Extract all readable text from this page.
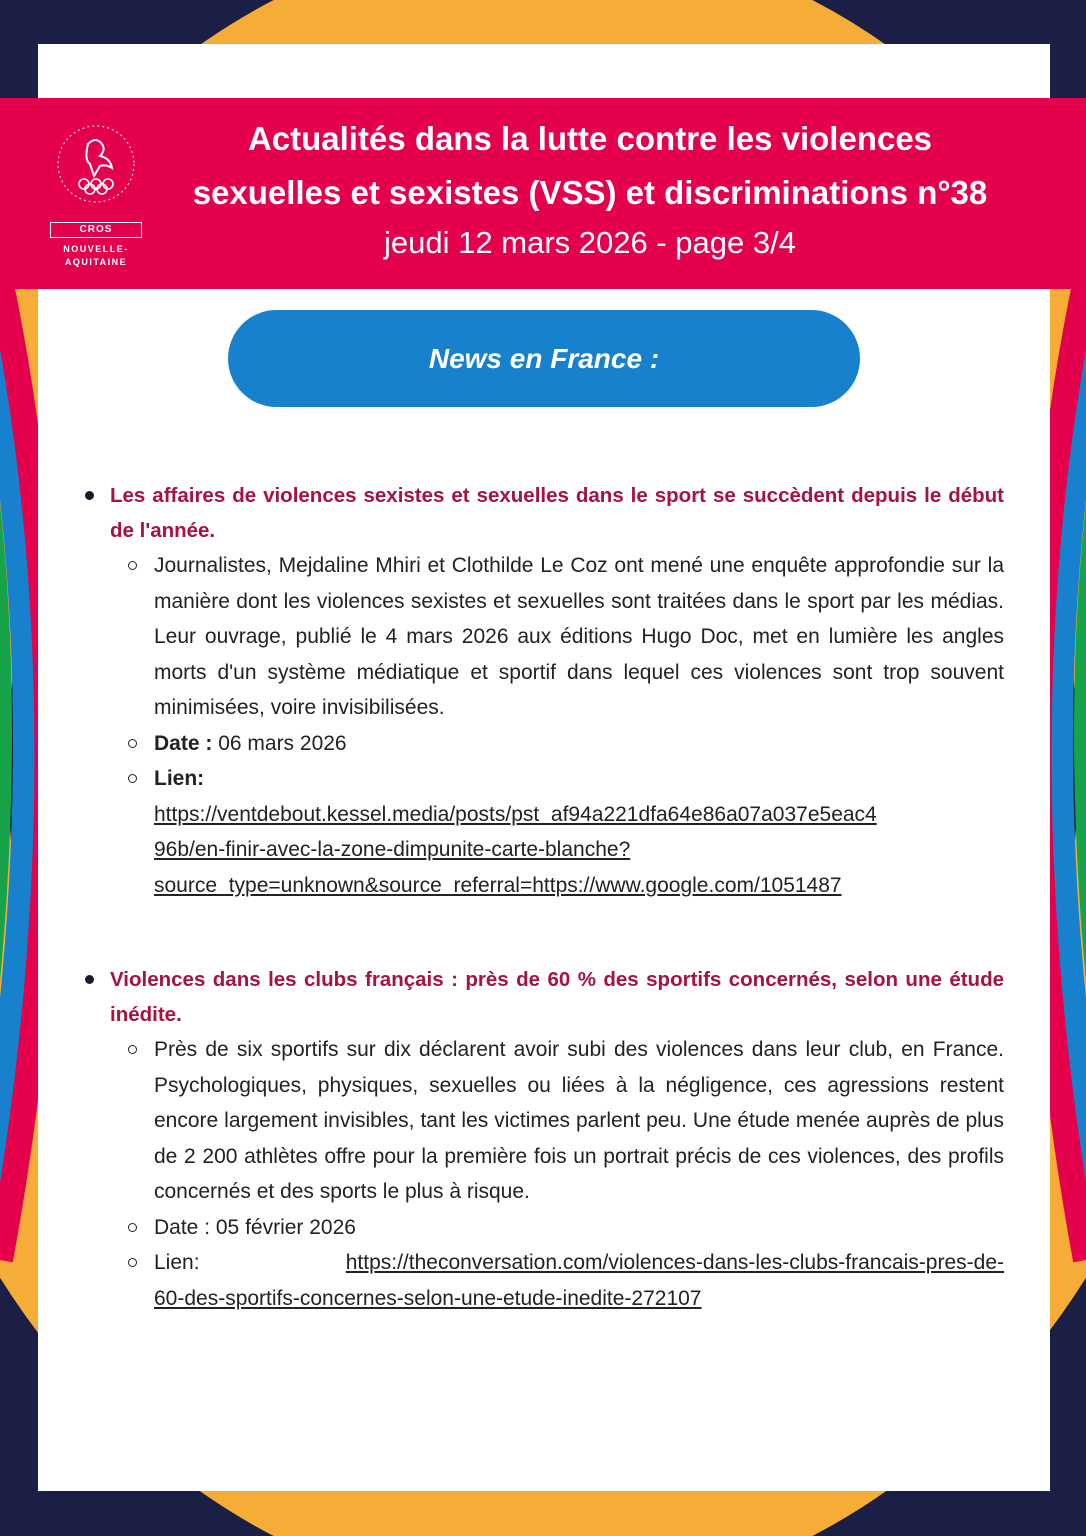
CROS
NOUVELLE-
AQUITAINE
Actualités dans la lutte contre les violences
sexuelles et sexistes (VSS) et discriminations n°38
jeudi 12 mars 2026 - page 3/4
News en France :
Les affaires de violences sexistes et sexuelles dans le sport se succèdent depuis le début de l'année.
Journalistes, Mejdaline Mhiri et Clothilde Le Coz ont mené une enquête approfondie sur la manière dont les violences sexistes et sexuelles sont traitées dans le sport par les médias. Leur ouvrage, publié le 4 mars 2026 aux éditions Hugo Doc, met en lumière les angles morts d'un système médiatique et sportif dans lequel ces violences sont trop souvent minimisées, voire invisibilisées.
Date : 06 mars 2026
Lien:
https://ventdebout.kessel.media/posts/pst_af94a221dfa64e86a07a037e5eac4
96b/en-finir-avec-la-zone-dimpunite-carte-blanche?
source_type=unknown&source_referral=https://www.google.com/1051487
Violences dans les clubs français : près de 60 % des sportifs concernés, selon une étude inédite.
Près de six sportifs sur dix déclarent avoir subi des violences dans leur club, en France. Psychologiques, physiques, sexuelles ou liées à la négligence, ces agressions restent encore largement invisibles, tant les victimes parlent peu. Une étude menée auprès de plus de 2 200 athlètes offre pour la première fois un portrait précis de ces violences, des profils concernés et des sports le plus à risque.
Date : 05 février 2026
Lien:	https://theconversation.com/violences-dans-les-clubs-francais-pres-de-
60-des-sportifs-concernes-selon-une-etude-inedite-272107
